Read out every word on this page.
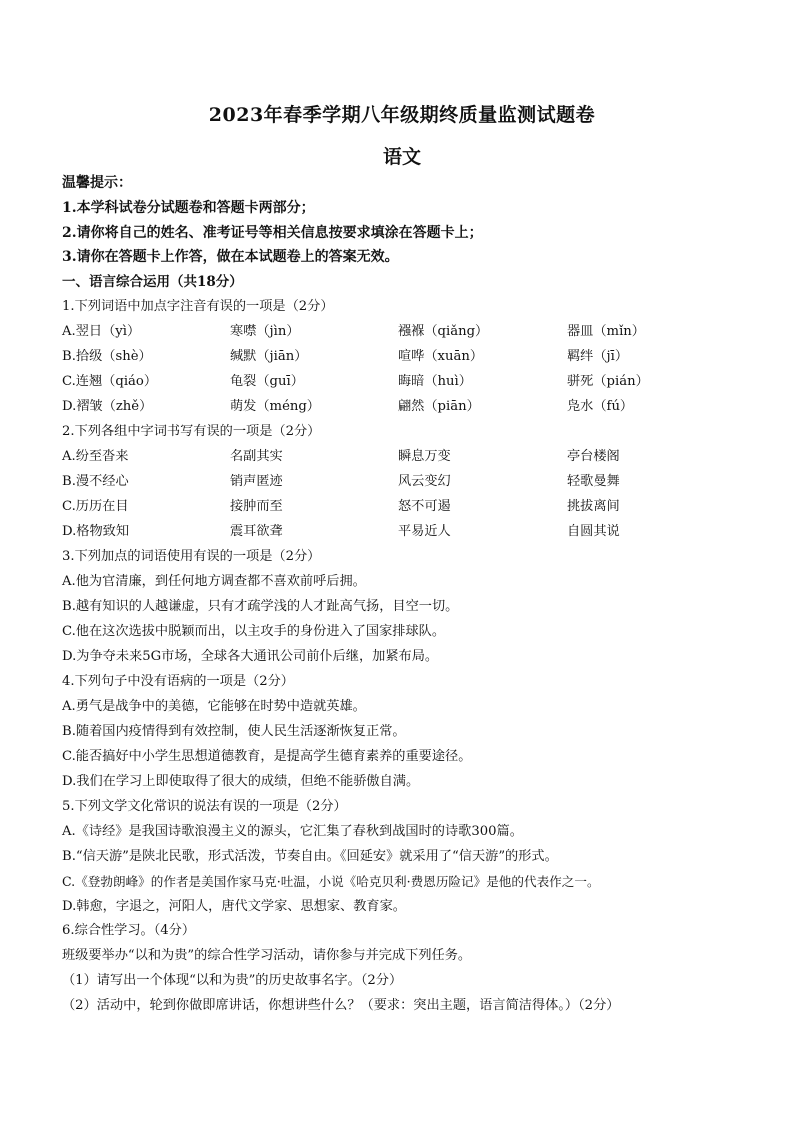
2023年春季学期八年级期终质量监测试题卷
语文
温馨提示：
1.本学科试卷分试题卷和答题卡两部分；
2.请你将自己的姓名、准考证号等相关信息按要求填涂在答题卡上；
3.请你在答题卡上作答，做在本试题卷上的答案无效。
一、语言综合运用（共18分）
1.下列词语中加点字注音有误的一项是（2分）
A.翌日（yì）	寒噤（jìn）	襁褓（qiǎng）	器皿（mǐn）
B.拾级（shè）	缄默（jiān）	喧哗（xuān）	羁绊（jī）
C.连翘（qiáo）	龟裂（guī）	晦暗（huì）	骈死（pián）
D.褶皱（zhě）	萌发（méng）	翩然（piān）	凫水（fú）
2.下列各组中字词书写有误的一项是（2分）
A.纷至沓来	名副其实	瞬息万变	亭台楼阁
B.漫不经心	销声匿迹	风云变幻	轻歌曼舞
C.历历在目	接肿而至	怒不可遏	挑拔离间
D.格物致知	震耳欲聋	平易近人	自圆其说
3.下列加点的词语使用有误的一项是（2分）
A.他为官清廉，到任何地方调查都不喜欢前呼后拥。
B.越有知识的人越谦虚，只有才疏学浅的人才趾高气扬，目空一切。
C.他在这次选拔中脱颖而出，以主攻手的身份进入了国家排球队。
D.为争夺未来5G市场，全球各大通讯公司前仆后继，加紧布局。
4.下列句子中没有语病的一项是（2分）
A.勇气是战争中的美德，它能够在时势中造就英雄。
B.随着国内疫情得到有效控制，使人民生活逐渐恢复正常。
C.能否搞好中小学生思想道德教育，是提高学生德育素养的重要途径。
D.我们在学习上即使取得了很大的成绩，但绝不能骄傲自满。
5.下列文学文化常识的说法有误的一项是（2分）
A.《诗经》是我国诗歌浪漫主义的源头，它汇集了春秋到战国时的诗歌300篇。
B.“信天游”是陕北民歌，形式活泼，节奏自由。《回延安》就采用了“信天游”的形式。
C.《登勃朗峰》的作者是美国作家马克·吐温，小说《哈克贝利·费恩历险记》是他的代表作之一。
D.韩愈，字退之，河阳人，唐代文学家、思想家、教育家。
6.综合性学习。（4分）
班级要举办“以和为贵”的综合性学习活动，请你参与并完成下列任务。
（1）请写出一个体现“以和为贵”的历史故事名字。（2分）
（2）活动中，轮到你做即席讲话，你想讲些什么？（要求：突出主题，语言简洁得体。）（2分）
